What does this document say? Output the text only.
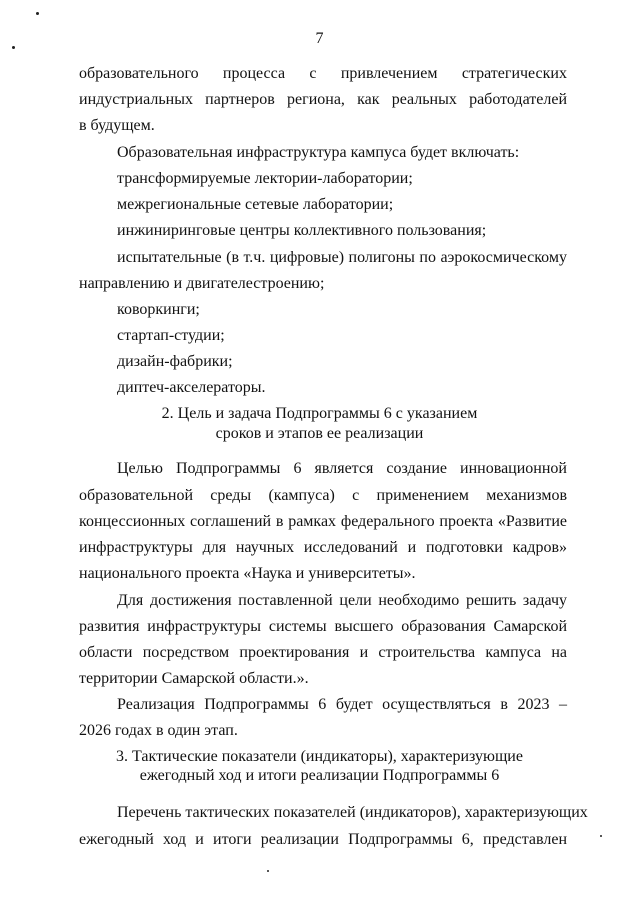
7
образовательного процесса с привлечением стратегических
индустриальных партнеров региона, как реальных работодателей
в будущем.
Образовательная инфраструктура кампуса будет включать:
трансформируемые лектории-лаборатории;
межрегиональные сетевые лаборатории;
инжиниринговые центры коллективного пользования;
испытательные (в т.ч. цифровые) полигоны по аэрокосмическому
направлению и двигателестроению;
коворкинги;
стартап-студии;
дизайн-фабрики;
диптеч-акселераторы.
2. Цель и задача Подпрограммы 6 с указанием
сроков и этапов ее реализации
Целью Подпрограммы 6 является создание инновационной
образовательной среды (кампуса) с применением механизмов
концессионных соглашений в рамках федерального проекта «Развитие
инфраструктуры для научных исследований и подготовки кадров»
национального проекта «Наука и университеты».
Для достижения поставленной цели необходимо решить задачу
развития инфраструктуры системы высшего образования Самарской
области посредством проектирования и строительства кампуса на
территории Самарской области.».
Реализация Подпрограммы 6 будет осуществляться в 2023 –
2026 годах в один этап.
3. Тактические показатели (индикаторы), характеризующие
ежегодный ход и итоги реализации Подпрограммы 6
Перечень тактических показателей (индикаторов), характеризующих
ежегодный ход и итоги реализации Подпрограммы 6, представлен
